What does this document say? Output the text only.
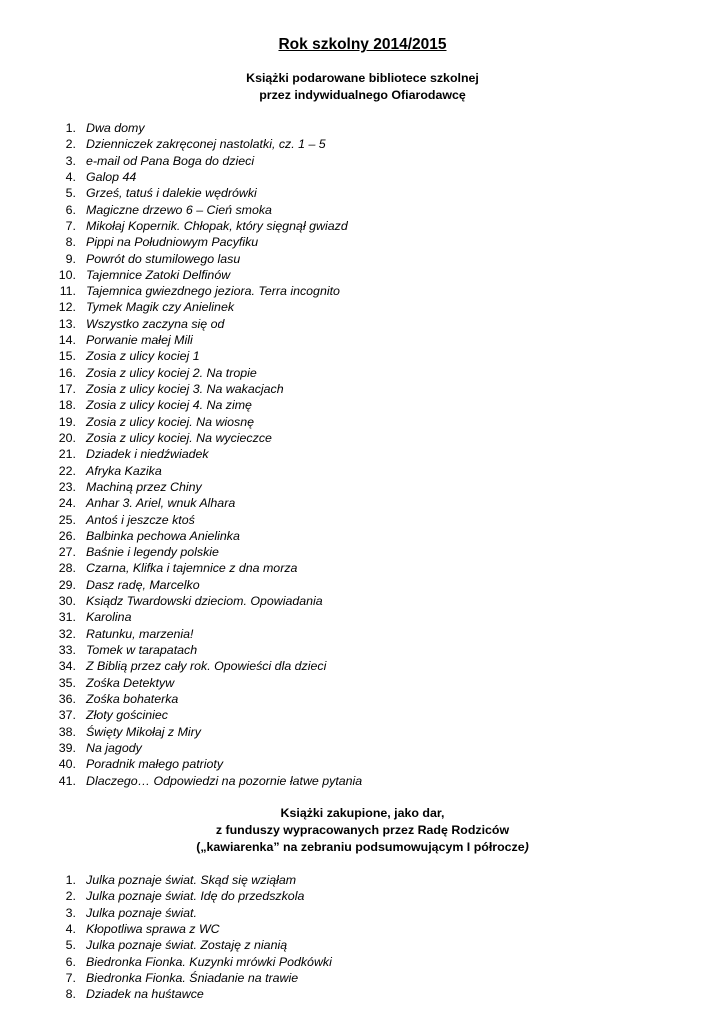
Rok szkolny 2014/2015
Książki podarowane bibliotece szkolnej
przez indywidualnego Ofiarodawcę
1. Dwa domy
2. Dzienniczek zakręconej nastolatki, cz. 1 – 5
3. e-mail od Pana Boga do dzieci
4. Galop 44
5. Grześ, tatuś i dalekie wędrówki
6. Magiczne drzewo 6 – Cień smoka
7. Mikołaj Kopernik. Chłopak, który sięgnął gwiazd
8. Pippi na Południowym Pacyfiku
9. Powrót do stumilowego lasu
10. Tajemnice Zatoki Delfinów
11. Tajemnica gwiezdnego jeziora. Terra incognito
12. Tymek Magik czy Anielinek
13. Wszystko zaczyna się od
14. Porwanie małej Mili
15. Zosia z ulicy kociej 1
16. Zosia z ulicy kociej 2. Na tropie
17. Zosia z ulicy kociej 3. Na wakacjach
18. Zosia z ulicy kociej 4. Na zimę
19. Zosia z ulicy kociej. Na wiosnę
20. Zosia z ulicy kociej. Na wycieczce
21. Dziadek i niedźwiadek
22. Afryka Kazika
23. Machiną przez Chiny
24. Anhar 3. Ariel, wnuk Alhara
25. Antoś i jeszcze ktoś
26. Balbinka pechowa Anielinka
27. Baśnie i legendy polskie
28. Czarna, Klifka i tajemnice z dna morza
29. Dasz radę, Marcelko
30. Ksiądz Twardowski dzieciom. Opowiadania
31. Karolina
32. Ratunku, marzenia!
33. Tomek w tarapatach
34. Z Biblią przez cały rok. Opowieści dla dzieci
35. Zośka Detektyw
36. Zośka bohaterka
37. Złoty gościniec
38. Święty Mikołaj z Miry
39. Na jagody
40. Poradnik małego patrioty
41. Dlaczego… Odpowiedzi na pozornie łatwe pytania
Książki zakupione, jako dar,
z funduszy wypracowanych przez Radę Rodziców
(„kawiarenka” na zebraniu podsumowującym I półrocze)
1. Julka poznaje świat. Skąd się wziąłam
2. Julka poznaje świat. Idę do przedszkola
3. Julka poznaje świat.
4. Kłopotliwa sprawa z WC
5. Julka poznaje świat. Zostaję z nianią
6. Biedronka Fionka. Kuzynki mrówki Podkówki
7. Biedronka Fionka. Śniadanie na trawie
8. Dziadek na huśtawce
